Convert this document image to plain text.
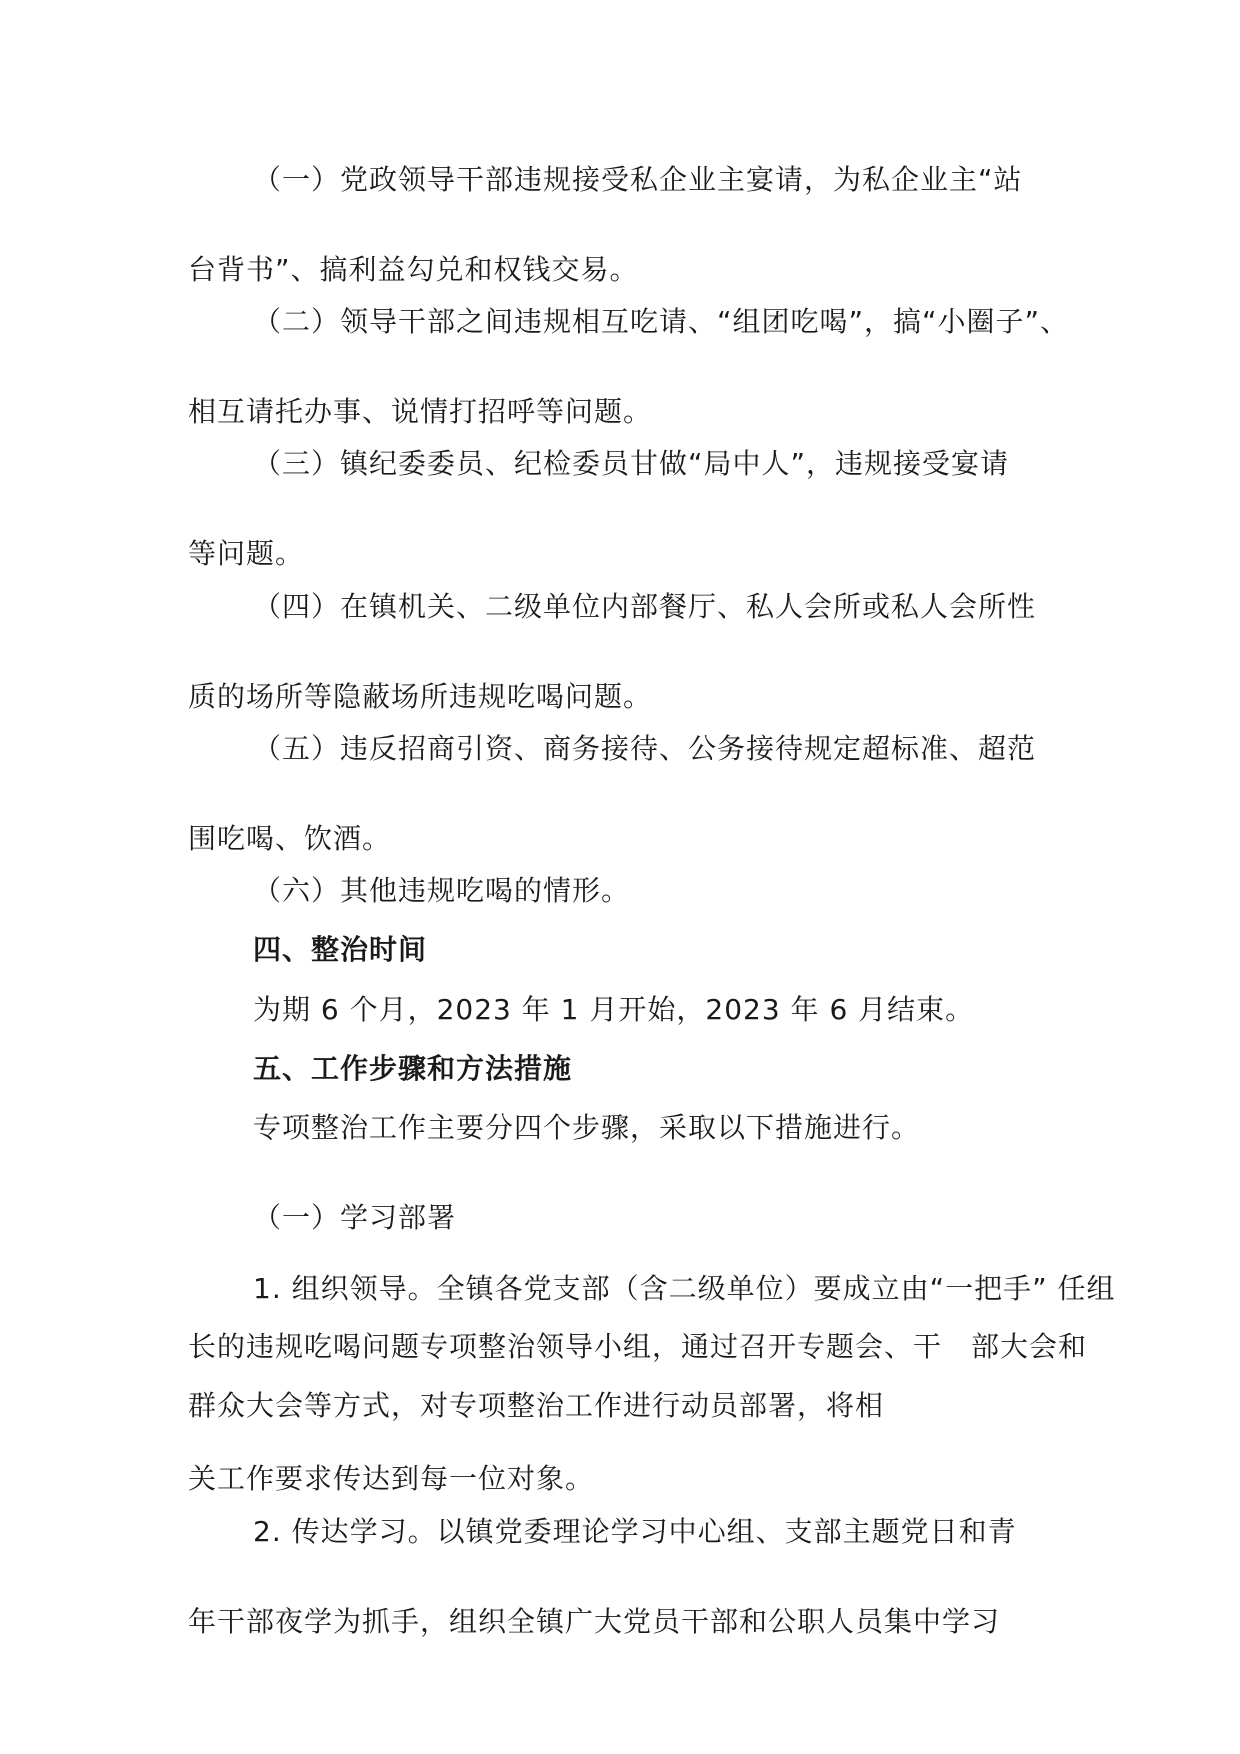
（一）党政领导干部违规接受私企业主宴请，为私企业主“站
台背书”、搞利益勾兑和权钱交易。
（二）领导干部之间违规相互吃请、“组团吃喝”，搞“小圈子”、
相互请托办事、说情打招呼等问题。
（三）镇纪委委员、纪检委员甘做“局中人”，违规接受宴请
等问题。
（四）在镇机关、二级单位内部餐厅、私人会所或私人会所性
质的场所等隐蔽场所违规吃喝问题。
（五）违反招商引资、商务接待、公务接待规定超标准、超范
围吃喝、饮酒。
（六）其他违规吃喝的情形。
四、整治时间
为期 6 个月，2023 年 1 月开始，2023 年 6 月结束。
五、工作步骤和方法措施
专项整治工作主要分四个步骤，采取以下措施进行。
（一）学习部署
1. 组织领导。全镇各党支部（含二级单位）要成立由“一把手” 任组
长的违规吃喝问题专项整治领导小组，通过召开专题会、干　部大会和
群众大会等方式，对专项整治工作进行动员部署，将相
关工作要求传达到每一位对象。
2. 传达学习。以镇党委理论学习中心组、支部主题党日和青
年干部夜学为抓手，组织全镇广大党员干部和公职人员集中学习
